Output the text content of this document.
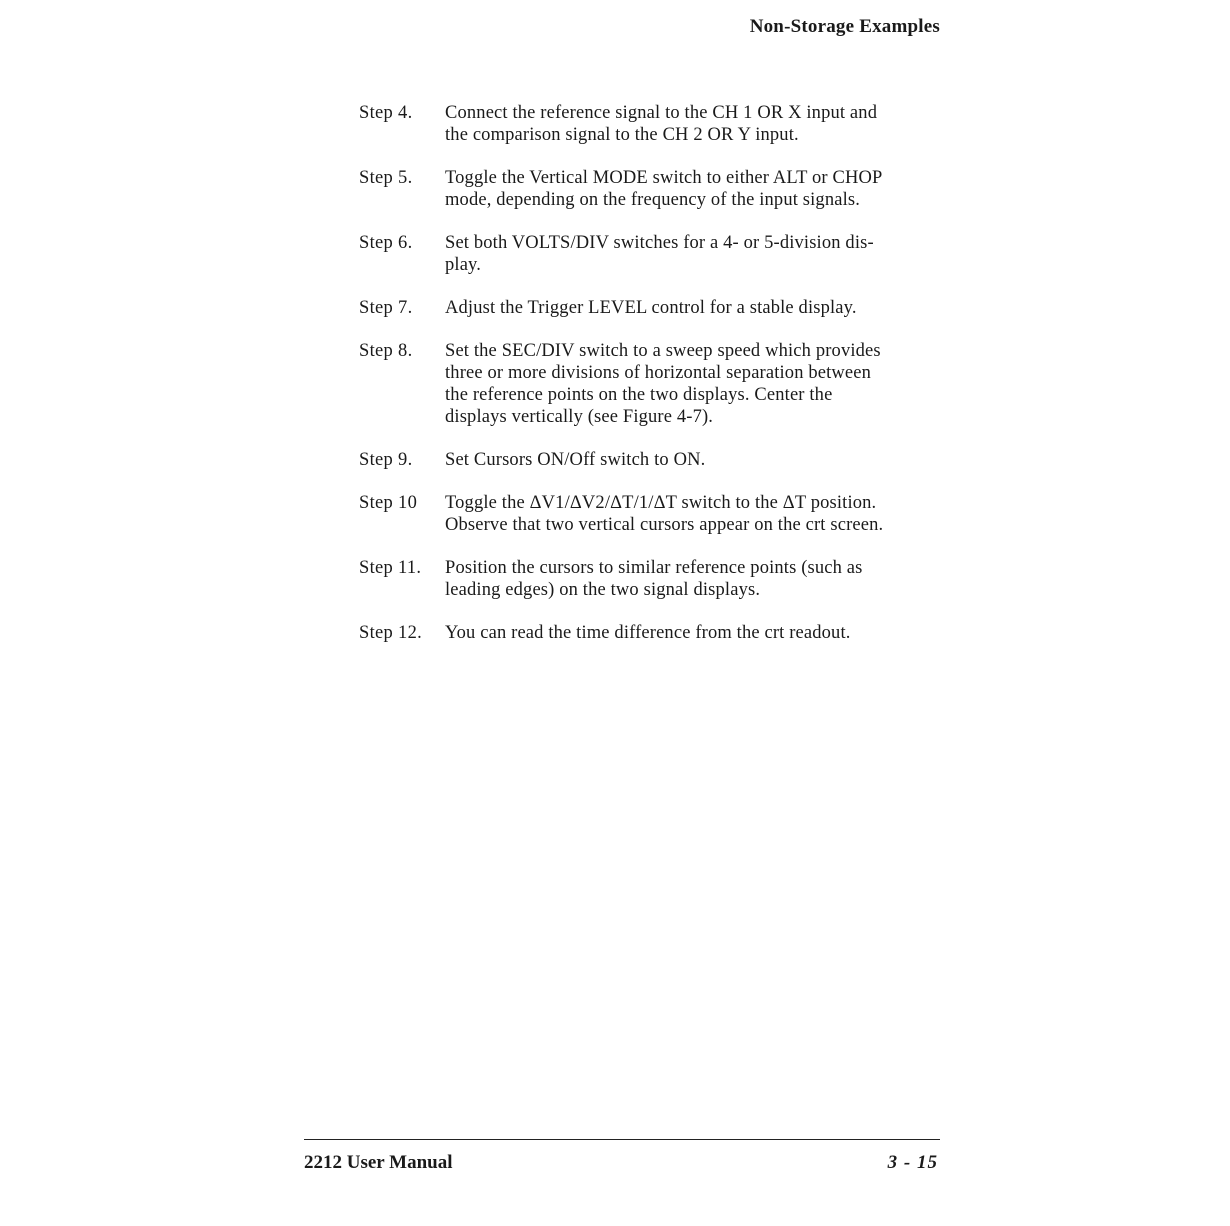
Non-Storage Examples
Step 4.	Connect the reference signal to the CH 1 OR X input and
the comparison signal to the CH 2 OR Y input.
Step 5.	Toggle the Vertical MODE switch to either ALT or CHOP
mode, depending on the frequency of the input signals.
Step 6.	Set both VOLTS/DIV switches for a 4- or 5-division dis-
play.
Step 7.	Adjust the Trigger LEVEL control for a stable display.
Step 8.	Set the SEC/DIV switch to a sweep speed which provides
three or more divisions of horizontal separation between
the reference points on the two displays. Center the
displays vertically (see Figure 4-7).
Step 9.	Set Cursors ON/Off switch to ON.
Step 10	Toggle the ΔV1/ΔV2/ΔT/1/ΔT switch to the ΔT position.
Observe that two vertical cursors appear on the crt screen.
Step 11.	Position the cursors to similar reference points (such as
leading edges) on the two signal displays.
Step 12.	You can read the time difference from the crt readout.
2212 User Manual	3 - 15
